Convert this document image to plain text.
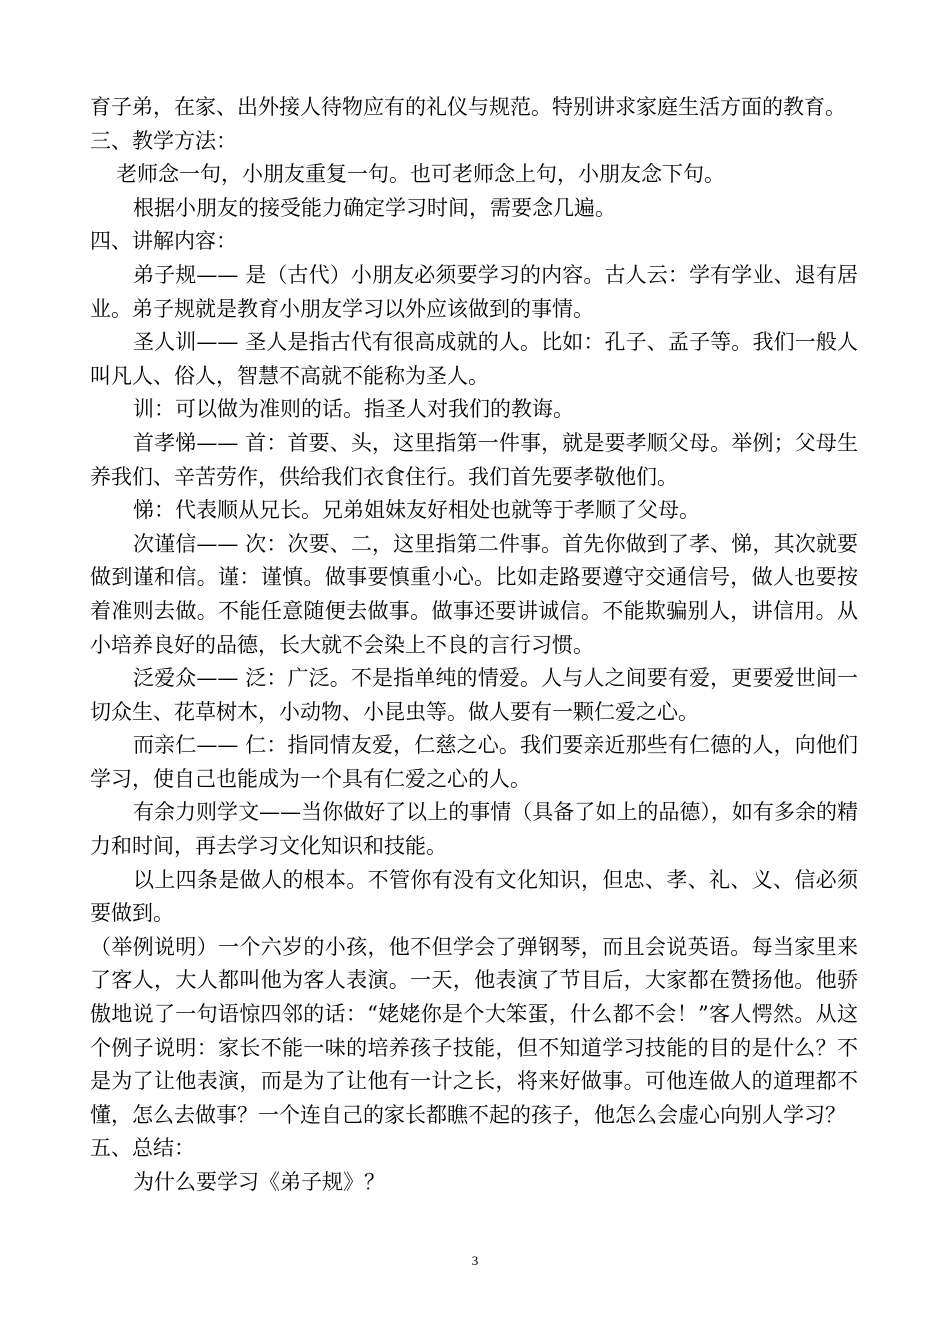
育子弟，在家、出外接人待物应有的礼仪与规范。特别讲求家庭生活方面的教育。

三、教学方法：

老师念一句，小朋友重复一句。也可老师念上句，小朋友念下句。

根据小朋友的接受能力确定学习时间，需要念几遍。

四、讲解内容：

弟子规—— 是（古代）小朋友必须要学习的内容。古人云：学有学业、退有居业。弟子规就是教育小朋友学习以外应该做到的事情。

圣人训—— 圣人是指古代有很高成就的人。比如：孔子、孟子等。我们一般人叫凡人、俗人，智慧不高就不能称为圣人。

训：可以做为准则的话。指圣人对我们的教诲。

首孝悌—— 首：首要、头，这里指第一件事，就是要孝顺父母。举例；父母生养我们、辛苦劳作，供给我们衣食住行。我们首先要孝敬他们。

悌：代表顺从兄长。兄弟姐妹友好相处也就等于孝顺了父母。

次谨信—— 次：次要、二，这里指第二件事。首先你做到了孝、悌，其次就要做到谨和信。谨：谨慎。做事要慎重小心。比如走路要遵守交通信号，做人也要按着准则去做。不能任意随便去做事。做事还要讲诚信。不能欺骗别人，讲信用。从小培养良好的品德，长大就不会染上不良的言行习惯。

泛爱众—— 泛：广泛。不是指单纯的情爱。人与人之间要有爱，更要爱世间一切众生、花草树木，小动物、小昆虫等。做人要有一颗仁爱之心。

而亲仁—— 仁：指同情友爱，仁慈之心。我们要亲近那些有仁德的人，向他们学习，使自己也能成为一个具有仁爱之心的人。

有余力则学文——当你做好了以上的事情（具备了如上的品德），如有多余的精力和时间，再去学习文化知识和技能。

以上四条是做人的根本。不管你有没有文化知识，但忠、孝、礼、义、信必须要做到。

（举例说明）一个六岁的小孩，他不但学会了弹钢琴，而且会说英语。每当家里来了客人，大人都叫他为客人表演。一天，他表演了节目后，大家都在赞扬他。他骄傲地说了一句语惊四邻的话：“姥姥你是个大笨蛋，什么都不会！”客人愕然。从这个例子说明：家长不能一味的培养孩子技能，但不知道学习技能的目的是什么？不是为了让他表演，而是为了让他有一计之长，将来好做事。可他连做人的道理都不懂，怎么去做事？一个连自己的家长都瞧不起的孩子，他怎么会虚心向别人学习？

五、总结：

为什么要学习《弟子规》？

3
